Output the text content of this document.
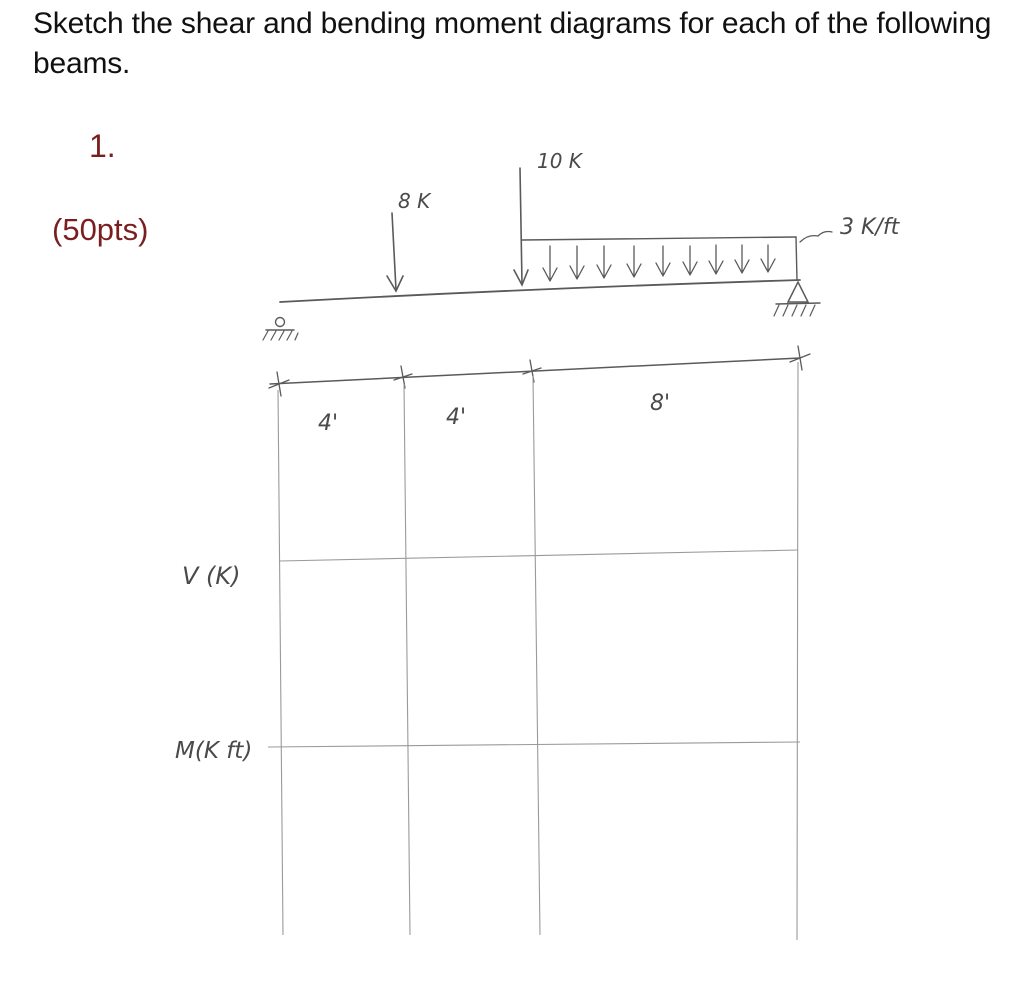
Sketch the shear and bending moment diagrams for each of the following beams.
1.
(50pts)
8 K
10 K
3 K/ft
4'	4'
8'
V (K)
M(K ft)
